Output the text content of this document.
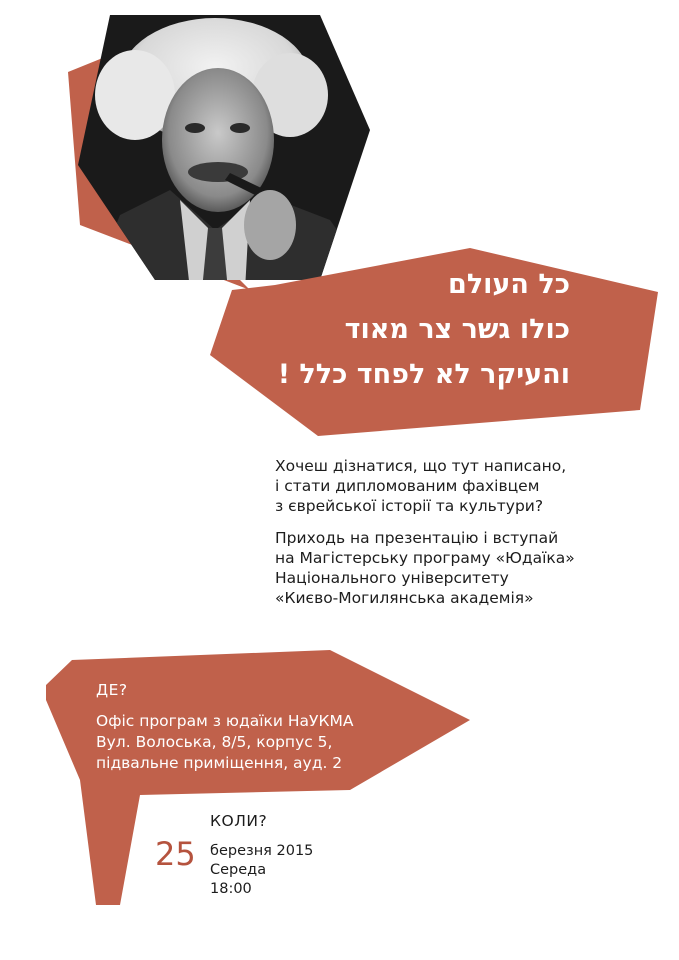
כל העולם
כולו גשר צר מאוד
והעיקר לא לפחד כלל !
Хочеш дізнатися, що тут написано,
і стати дипломованим фахівцем
з єврейської історії та культури?
Приходь на презентацію і вступай
на Магістерську програму «Юдаїка»
Національного університету
«Києво-Могилянська академія»
ДЕ?
Офіс програм з юдаїки НаУКМА
Вул. Волоська, 8/5, корпус 5,
підвальне приміщення, ауд. 2
КОЛИ?
25 березня 2015
Середа
18:00
